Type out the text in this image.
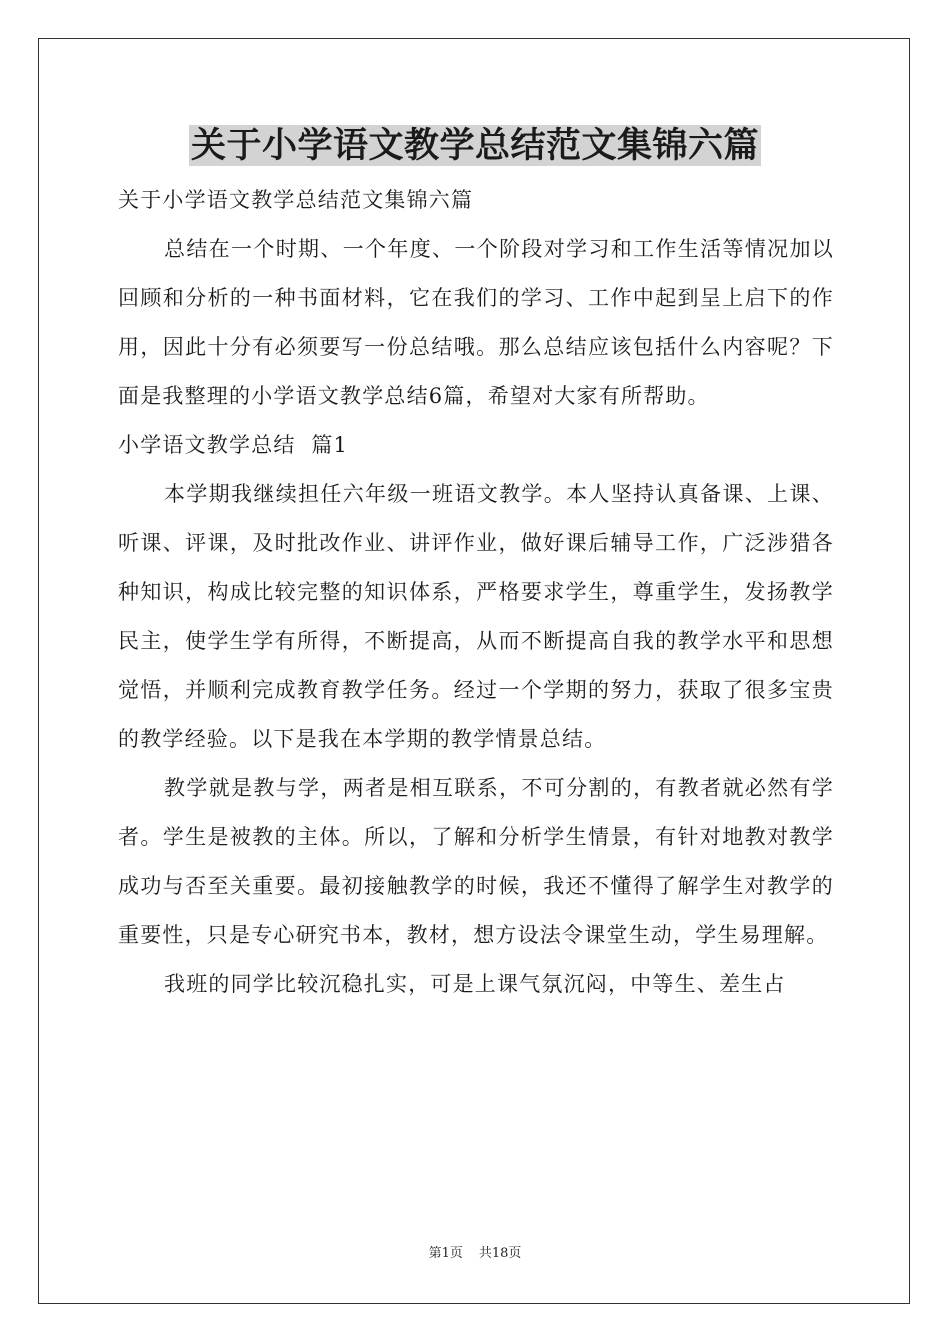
关于小学语文教学总结范文集锦六篇

关于小学语文教学总结范文集锦六篇

总结在一个时期、一个年度、一个阶段对学习和工作生活等情况加以回顾和分析的一种书面材料，它在我们的学习、工作中起到呈上启下的作用，因此十分有必须要写一份总结哦。那么总结应该包括什么内容呢？下面是我整理的小学语文教学总结6篇，希望对大家有所帮助。

小学语文教学总结  篇1

本学期我继续担任六年级一班语文教学。本人坚持认真备课、上课、听课、评课，及时批改作业、讲评作业，做好课后辅导工作，广泛涉猎各种知识，构成比较完整的知识体系，严格要求学生，尊重学生，发扬教学民主，使学生学有所得，不断提高，从而不断提高自我的教学水平和思想觉悟，并顺利完成教育教学任务。经过一个学期的努力，获取了很多宝贵的教学经验。以下是我在本学期的教学情景总结。

教学就是教与学，两者是相互联系，不可分割的，有教者就必然有学者。学生是被教的主体。所以，了解和分析学生情景，有针对地教对教学成功与否至关重要。最初接触教学的时候，我还不懂得了解学生对教学的重要性，只是专心研究书本，教材，想方设法令课堂生动，学生易理解。

我班的同学比较沉稳扎实，可是上课气氛沉闷，中等生、差生占

第1页 共18页
